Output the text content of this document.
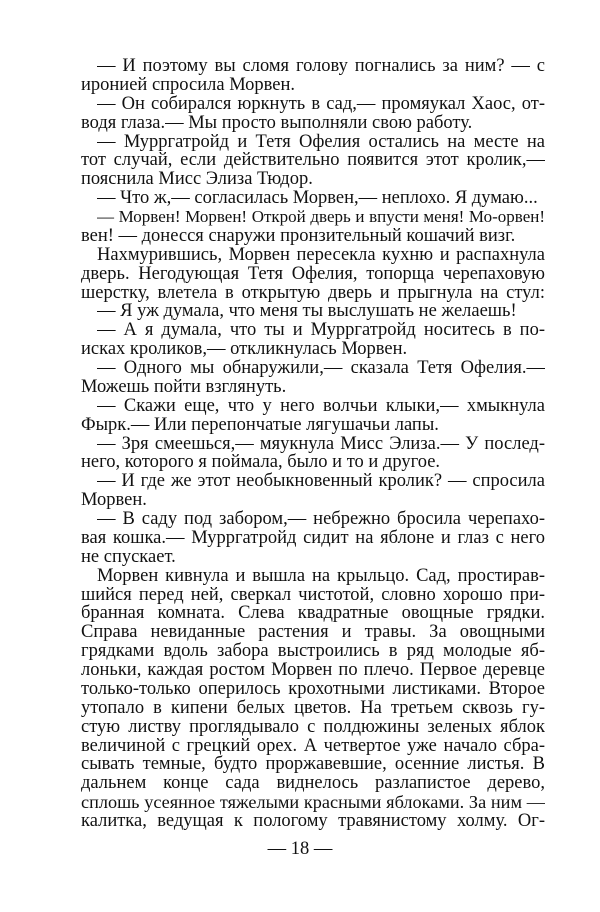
— И поэтому вы сломя голову погнались за ним? — с
иронией спросила Морвен.
— Он собирался юркнуть в сад,— промяукал Хаос, от-
водя глаза.— Мы просто выполняли свою работу.
— Мурргатройд и Тетя Офелия остались на месте на
тот случай, если действительно появится этот кролик,—
пояснила Мисс Элиза Тюдор.
— Что ж,— согласилась Морвен,— неплохо. Я думаю...
— Морвен! Морвен! Открой дверь и впусти меня! Мо-орвен!
вен! — донесся снаружи пронзительный кошачий визг.
Нахмурившись, Морвен пересекла кухню и распахнула
дверь. Негодующая Тетя Офелия, топорща черепаховую
шерстку, влетела в открытую дверь и прыгнула на стул:
— Я уж думала, что меня ты выслушать не желаешь!
— А я думала, что ты и Мурргатройд носитесь в по-
исках кроликов,— откликнулась Морвен.
— Одного мы обнаружили,— сказала Тетя Офелия.—
Можешь пойти взглянуть.
— Скажи еще, что у него волчьи клыки,— хмыкнула
Фырк.— Или перепончатые лягушачьи лапы.
— Зря смеешься,— мяукнула Мисс Элиза.— У послед-
него, которого я поймала, было и то и другое.
— И где же этот необыкновенный кролик? — спросила
Морвен.
— В саду под забором,— небрежно бросила черепахо-
вая кошка.— Мурргатройд сидит на яблоне и глаз с него
не спускает.
Морвен кивнула и вышла на крыльцо. Сад, простирав-
шийся перед ней, сверкал чистотой, словно хорошо при-
бранная комната. Слева квадратные овощные грядки.
Справа невиданные растения и травы. За овощными
грядками вдоль забора выстроились в ряд молодые яб-
лоньки, каждая ростом Морвен по плечо. Первое деревце
только-только оперилось крохотными листиками. Второе
утопало в кипени белых цветов. На третьем сквозь гу-
стую листву проглядывало с полдюжины зеленых яблок
величиной с грецкий орех. А четвертое уже начало сбра-
сывать темные, будто проржавевшие, осенние листья. В
дальнем конце сада виднелось разлапистое дерево,
сплошь усеянное тяжелыми красными яблоками. За ним —
калитка, ведущая к пологому травянистому холму. Ог-
— 18 —
